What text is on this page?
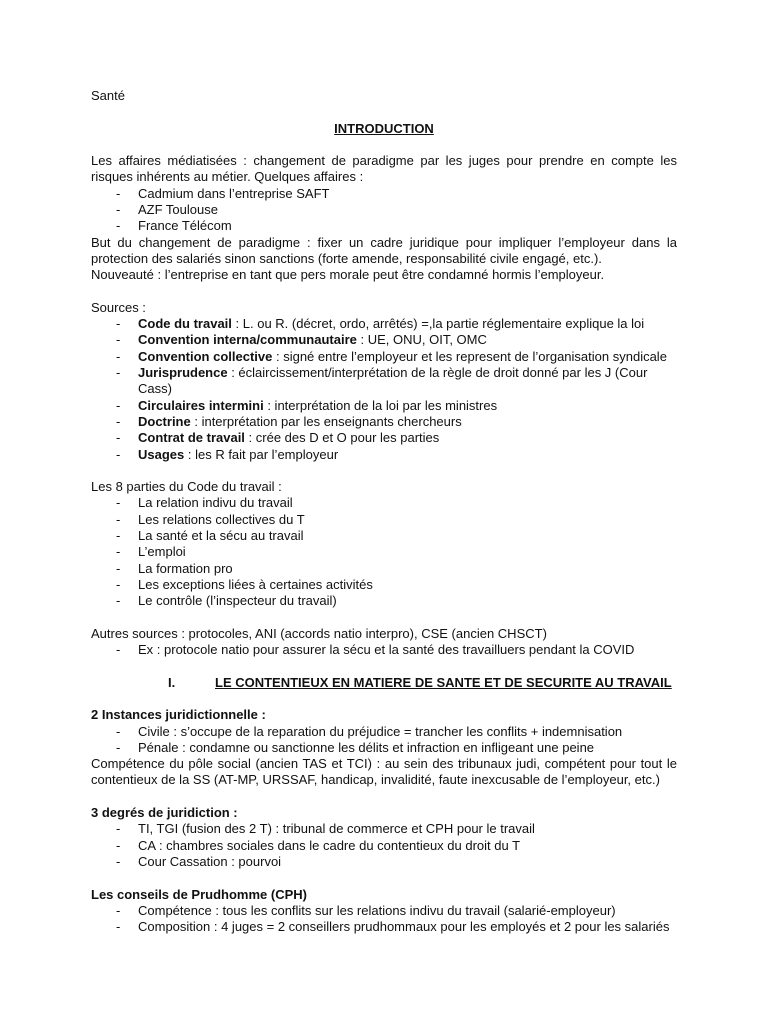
Santé

INTRODUCTION

Les affaires médiatisées : changement de paradigme par les juges pour prendre en compte les risques inhérents au métier. Quelques affaires :

- Cadmium dans l’entreprise SAFT
- AZF Toulouse
- France Télécom

But du changement de paradigme : fixer un cadre juridique pour impliquer l’employeur dans la protection des salariés sinon sanctions (forte amende, responsabilité civile engagé, etc.).

Nouveauté : l’entreprise en tant que pers morale peut être condamné hormis l’employeur.

Sources :

- Code du travail : L. ou R. (décret, ordo, arrêtés) =,la partie réglementaire explique la loi
- Convention interna/communautaire : UE, ONU, OIT, OMC
- Convention collective : signé entre l’employeur et les represent de l’organisation syndicale
- Jurisprudence : éclaircissement/interprétation de la règle de droit donné par les J (Cour Cass)
- Circulaires intermini : interprétation de la loi par les ministres
- Doctrine : interprétation par les enseignants chercheurs
- Contrat de travail : crée des D et O pour les parties
- Usages : les R fait par l’employeur

Les 8 parties du Code du travail :

- La relation indivu du travail
- Les relations collectives du T
- La santé et la sécu au travail
- L’emploi
- La formation pro
- Les exceptions liées à certaines activités
- Le contrôle (l’inspecteur du travail)

Autres sources : protocoles, ANI (accords natio interpro), CSE (ancien CHSCT)

- Ex : protocole natio pour assurer la sécu et la santé des travailluers pendant la COVID

I.	LE CONTENTIEUX EN MATIERE DE SANTE ET DE SECURITE AU TRAVAIL

2 Instances juridictionnelle :

- Civile : s’occupe de la reparation du préjudice = trancher les conflits + indemnisation
- Pénale : condamne ou sanctionne les délits et infraction en infligeant une peine

Compétence du pôle social (ancien TAS et TCI) : au sein des tribunaux judi, compétent pour tout le contentieux de la SS (AT-MP, URSSAF, handicap, invalidité, faute inexcusable de l’employeur, etc.)

3 degrés de juridiction :

- TI, TGI (fusion des 2 T) : tribunal de commerce et CPH pour le travail
- CA : chambres sociales dans le cadre du contentieux du droit du T
- Cour Cassation : pourvoi

Les conseils de Prudhomme (CPH)

- Compétence : tous les conflits sur les relations indivu du travail (salarié-employeur)
- Composition : 4 juges = 2 conseillers prudhommaux pour les employés et 2 pour les salariés
